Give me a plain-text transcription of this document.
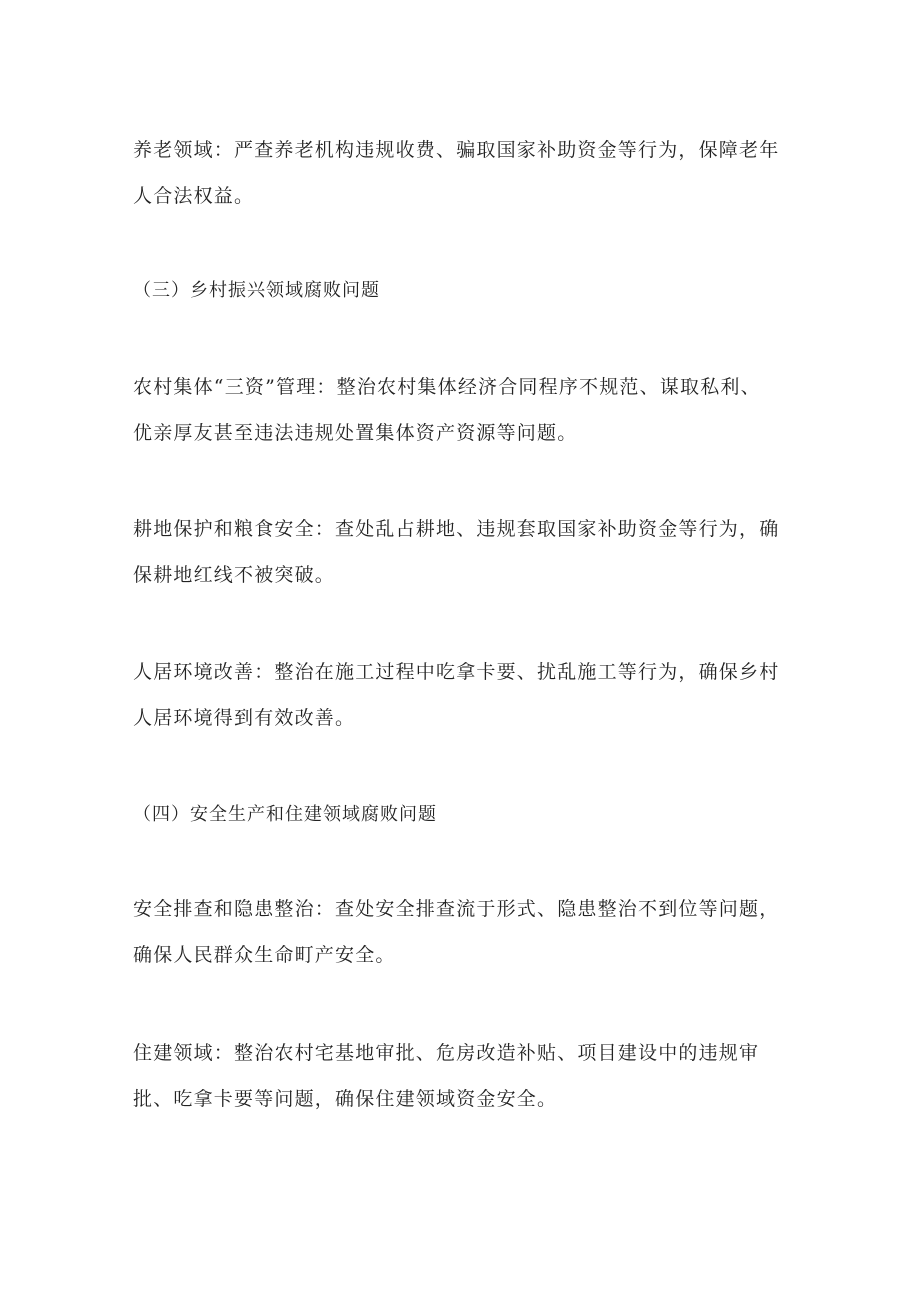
养老领域：严查养老机构违规收费、骗取国家补助资金等行为，保障老年
人合法权益。

（三）乡村振兴领域腐败问题

农村集体“三资”管理：整治农村集体经济合同程序不规范、谋取私利、
优亲厚友甚至违法违规处置集体资产资源等问题。

耕地保护和粮食安全：查处乱占耕地、违规套取国家补助资金等行为，确
保耕地红线不被突破。

人居环境改善：整治在施工过程中吃拿卡要、扰乱施工等行为，确保乡村
人居环境得到有效改善。

（四）安全生产和住建领域腐败问题

安全排查和隐患整治：查处安全排查流于形式、隐患整治不到位等问题，
确保人民群众生命町产安全。

住建领域：整治农村宅基地审批、危房改造补贴、项目建设中的违规审
批、吃拿卡要等问题，确保住建领域资金安全。
